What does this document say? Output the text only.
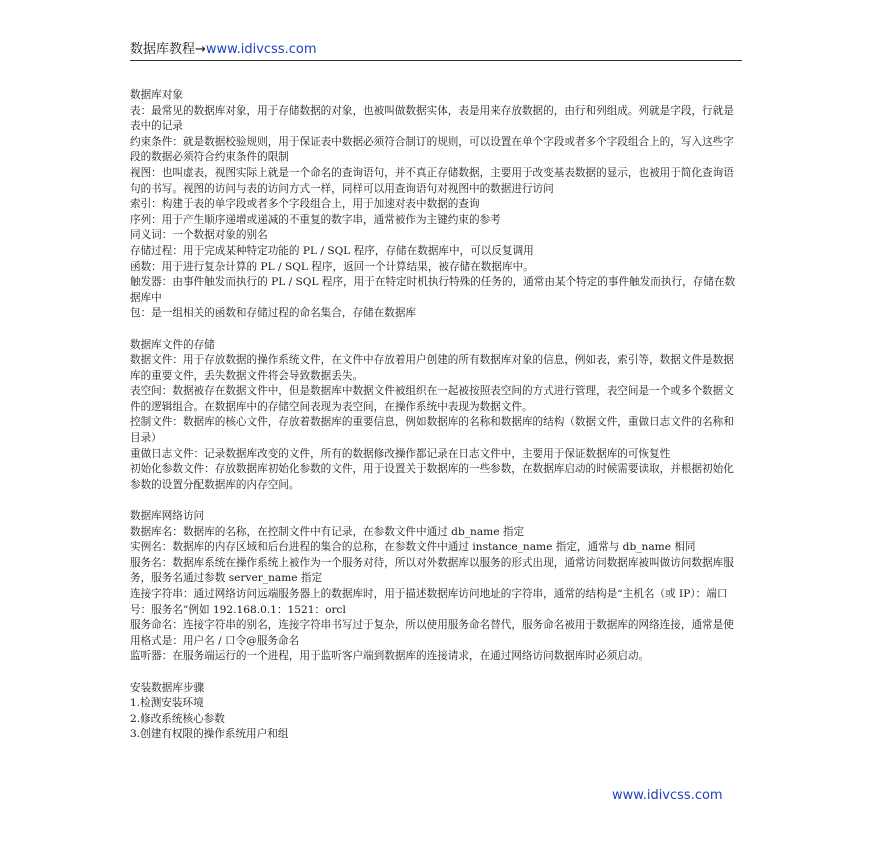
数据库教程→www.idivcss.com

数据库对象

表：最常见的数据库对象，用于存储数据的对象，也被叫做数据实体，表是用来存放数据的，由行和列组成。列就是字段，行就是表中的记录

约束条件：就是数据校验规则，用于保证表中数据必须符合制订的规则，可以设置在单个字段或者多个字段组合上的，写入这些字段的数据必须符合约束条件的限制

视图：也叫虚表，视图实际上就是一个命名的查询语句，并不真正存储数据，主要用于改变基表数据的显示，也被用于简化查询语句的书写。视图的访问与表的访问方式一样，同样可以用查询语句对视图中的数据进行访问

索引：构建于表的单字段或者多个字段组合上，用于加速对表中数据的查询

序列：用于产生顺序递增或递减的不重复的数字串，通常被作为主键约束的参考

同义词：一个数据对象的别名

存储过程：用于完成某种特定功能的 PL / SQL 程序，存储在数据库中，可以反复调用

函数：用于进行复杂计算的 PL / SQL 程序，返回一个计算结果，被存储在数据库中。

触发器：由事件触发而执行的 PL / SQL 程序，用于在特定时机执行特殊的任务的，通常由某个特定的事件触发而执行，存储在数据库中

包：是一组相关的函数和存储过程的命名集合，存储在数据库

数据库文件的存储

数据文件：用于存放数据的操作系统文件，在文件中存放着用户创建的所有数据库对象的信息，例如表，索引等，数据文件是数据库的重要文件，丢失数据文件将会导致数据丢失。

表空间：数据被存在数据文件中，但是数据库中数据文件被组织在一起被按照表空间的方式进行管理，表空间是一个或多个数据文件的逻辑组合。在数据库中的存储空间表现为表空间，在操作系统中表现为数据文件。

控制文件：数据库的核心文件，存放着数据库的重要信息，例如数据库的名称和数据库的结构（数据文件，重做日志文件的名称和目录）

重做日志文件：记录数据库改变的文件，所有的数据修改操作都记录在日志文件中，主要用于保证数据库的可恢复性

初始化参数文件：存放数据库初始化参数的文件，用于设置关于数据库的一些参数，在数据库启动的时候需要读取，并根据初始化参数的设置分配数据库的内存空间。

数据库网络访问

数据库名：数据库的名称，在控制文件中有记录，在参数文件中通过 db_name 指定

实例名：数据库的内存区域和后台进程的集合的总称，在参数文件中通过 instance_name 指定，通常与 db_name 相同

服务名：数据库系统在操作系统上被作为一个服务对待，所以对外数据库以服务的形式出现，通常访问数据库被叫做访问数据库服务，服务名通过参数 server_name 指定

连接字符串：通过网络访问远端服务器上的数据库时，用于描述数据库访问地址的字符串，通常的结构是“主机名（或 IP）：端口号：服务名”例如 192.168.0.1：1521：orcl

服务命名：连接字符串的别名，连接字符串书写过于复杂，所以使用服务命名替代，服务命名被用于数据库的网络连接，通常是使用格式是：用户名 / 口令@服务命名

监听器：在服务端运行的一个进程，用于监听客户端到数据库的连接请求，在通过网络访问数据库时必须启动。

安装数据库步骤

1.检测安装环境

2.修改系统核心参数

3.创建有权限的操作系统用户和组

www.idivcss.com
